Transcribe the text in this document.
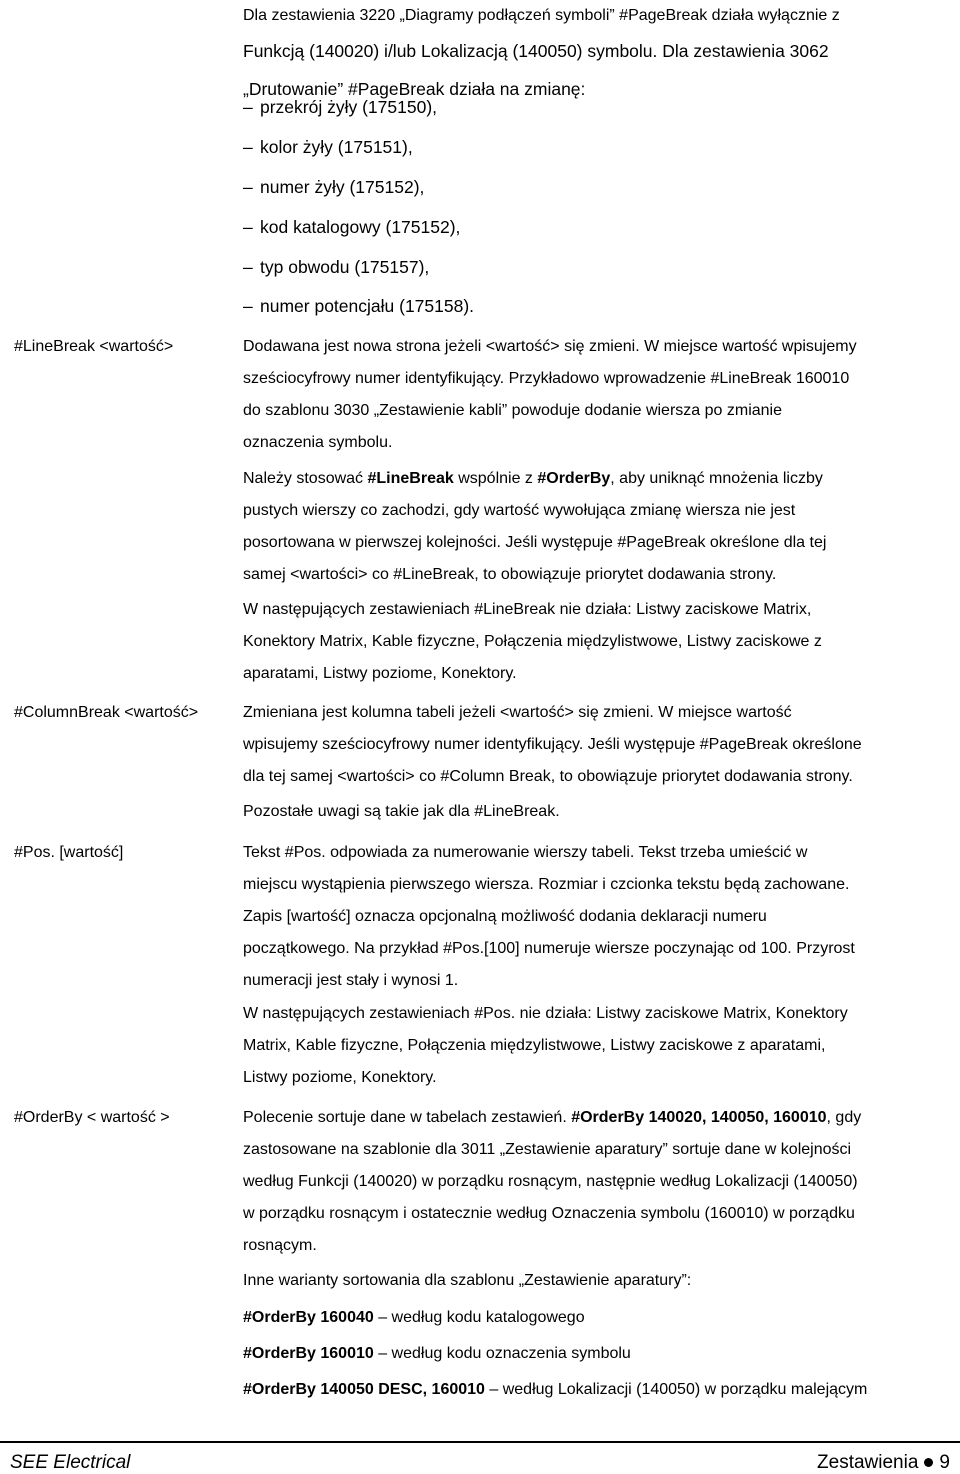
Dla zestawienia 3220 „Diagramy podłączeń symboli” #PageBreak działa wyłącznie z
Funkcją (140020) i/lub Lokalizacją (140050) symbolu. Dla zestawienia 3062
„Drutowanie” #PageBreak działa na zmianę:

– przekrój żyły (175150),
– kolor żyły (175151),
– numer żyły (175152),
– kod katalogowy (175152),
– typ obwodu (175157),
– numer potencjału (175158).
#LineBreak <wartość>	Dodawana jest nowa strona jeżeli <wartość> się zmieni. W miejsce wartość wpisujemy
sześciocyfrowy numer identyfikujący. Przykładowo wprowadzenie #LineBreak 160010
do szablonu 3030 „Zestawienie kabli” powoduje dodanie wiersza po zmianie
oznaczenia symbolu.

Należy stosować #LineBreak wspólnie z #OrderBy, aby uniknąć mnożenia liczby
pustych wierszy co zachodzi, gdy wartość wywołująca zmianę wiersza nie jest
posortowana w pierwszej kolejności. Jeśli występuje #PageBreak określone dla tej
samej <wartości> co #LineBreak, to obowiązuje priorytet dodawania strony.

W następujących zestawieniach #LineBreak nie działa: Listwy zaciskowe Matrix,
Konektory Matrix, Kable fizyczne, Połączenia międzylistwowe, Listwy zaciskowe z
aparatami, Listwy poziome, Konektory.

#ColumnBreak <wartość>	Zmieniana jest kolumna tabeli jeżeli <wartość> się zmieni. W miejsce wartość
wpisujemy sześciocyfrowy numer identyfikujący. Jeśli występuje #PageBreak określone
dla tej samej <wartości> co #Column Break, to obowiązuje priorytet dodawania strony.

Pozostałe uwagi są takie jak dla #LineBreak.

#Pos. [wartość]	Tekst #Pos. odpowiada za numerowanie wierszy tabeli. Tekst trzeba umieścić w
miejscu wystąpienia pierwszego wiersza. Rozmiar i czcionka tekstu będą zachowane.
Zapis [wartość] oznacza opcjonalną możliwość dodania deklaracji numeru
początkowego. Na przykład #Pos.[100] numeruje wiersze poczynając od 100. Przyrost
numeracji jest stały i wynosi 1.

W następujących zestawieniach #Pos. nie działa: Listwy zaciskowe Matrix, Konektory
Matrix, Kable fizyczne, Połączenia międzylistwowe, Listwy zaciskowe z aparatami,
Listwy poziome, Konektory.

#OrderBy < wartość >	Polecenie sortuje dane w tabelach zestawień. #OrderBy 140020, 140050, 160010, gdy
zastosowane na szablonie dla 3011 „Zestawienie aparatury” sortuje dane w kolejności
według Funkcji (140020) w porządku rosnącym, następnie według Lokalizacji (140050)
w porządku rosnącym i ostatecznie według Oznaczenia symbolu (160010) w porządku
rosnącym.

Inne warianty sortowania dla szablonu „Zestawienie aparatury”:

#OrderBy 160040 – według kodu katalogowego
#OrderBy 160010 – według kodu oznaczenia symbolu
#OrderBy 140050 DESC, 160010 – według Lokalizacji (140050) w porządku malejącym

SEE Electrical	Zestawienia 9
